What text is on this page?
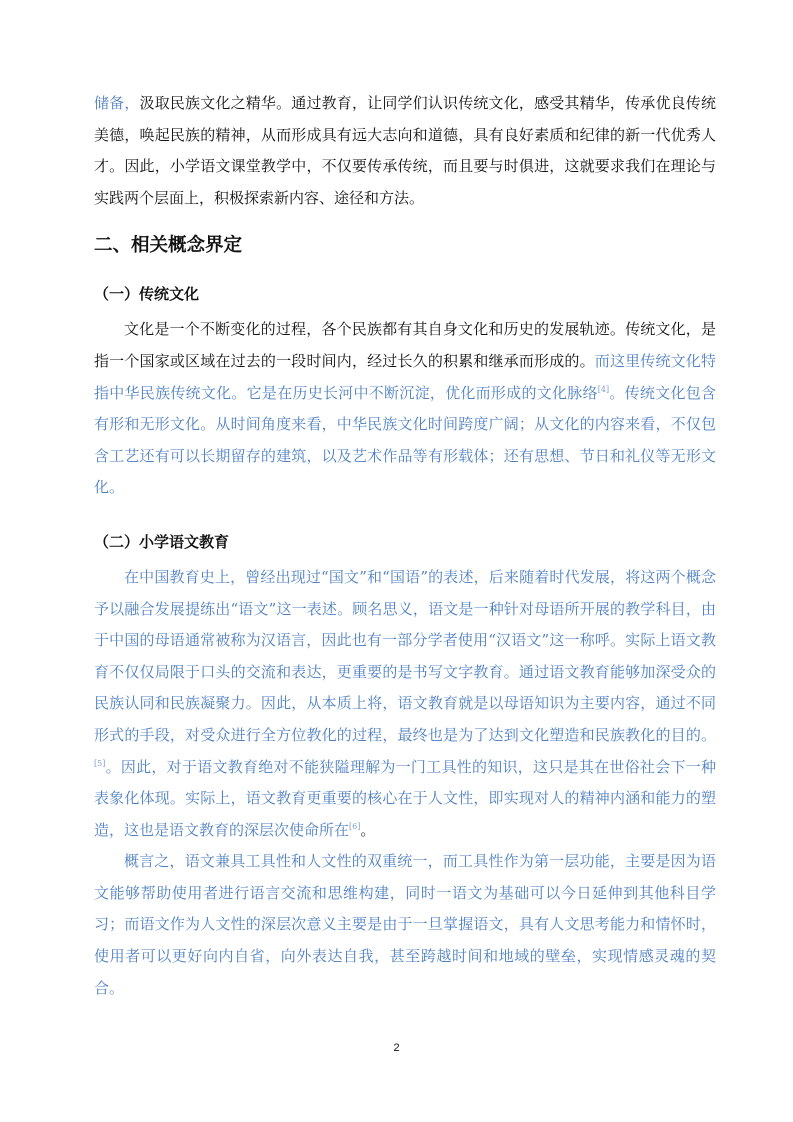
储备，汲取民族文化之精华。通过教育，让同学们认识传统文化，感受其精华，传承优良传统美德，唤起民族的精神，从而形成具有远大志向和道德，具有良好素质和纪律的新一代优秀人才。因此，小学语文课堂教学中，不仅要传承传统，而且要与时俱进，这就要求我们在理论与实践两个层面上，积极探索新内容、途径和方法。

二、相关概念界定
（一）传统文化

文化是一个不断变化的过程，各个民族都有其自身文化和历史的发展轨迹。传统文化，是指一个国家或区域在过去的一段时间内，经过长久的积累和继承而形成的。而这里传统文化特指中华民族传统文化。它是在历史长河中不断沉淀，优化而形成的文化脉络[4]。传统文化包含有形和无形文化。从时间角度来看，中华民族文化时间跨度广阔；从文化的内容来看，不仅包含工艺还有可以长期留存的建筑，以及艺术作品等有形载体；还有思想、节日和礼仪等无形文化。

（二）小学语文教育

在中国教育史上，曾经出现过“国文”和“国语”的表述，后来随着时代发展，将这两个概念予以融合发展提练出“语文”这一表述。顾名思义，语文是一种针对母语所开展的教学科目，由于中国的母语通常被称为汉语言，因此也有一部分学者使用“汉语文”这一称呼。实际上语文教育不仅仅局限于口头的交流和表达，更重要的是书写文字教育。通过语文教育能够加深受众的民族认同和民族凝聚力。因此，从本质上将，语文教育就是以母语知识为主要内容，通过不同形式的手段，对受众进行全方位教化的过程，最终也是为了达到文化塑造和民族教化的目的。[5]。因此，对于语文教育绝对不能狭隘理解为一门工具性的知识，这只是其在世俗社会下一种表象化体现。实际上，语文教育更重要的核心在于人文性，即实现对人的精神内涵和能力的塑造，这也是语文教育的深层次使命所在[6]。

概言之，语文兼具工具性和人文性的双重统一，而工具性作为第一层功能，主要是因为语文能够帮助使用者进行语言交流和思维构建，同时一语文为基础可以今日延伸到其他科目学习；而语文作为人文性的深层次意义主要是由于一旦掌握语文，具有人文思考能力和情怀时，使用者可以更好向内自省，向外表达自我，甚至跨越时间和地域的壁垒，实现情感灵魂的契合。

2
